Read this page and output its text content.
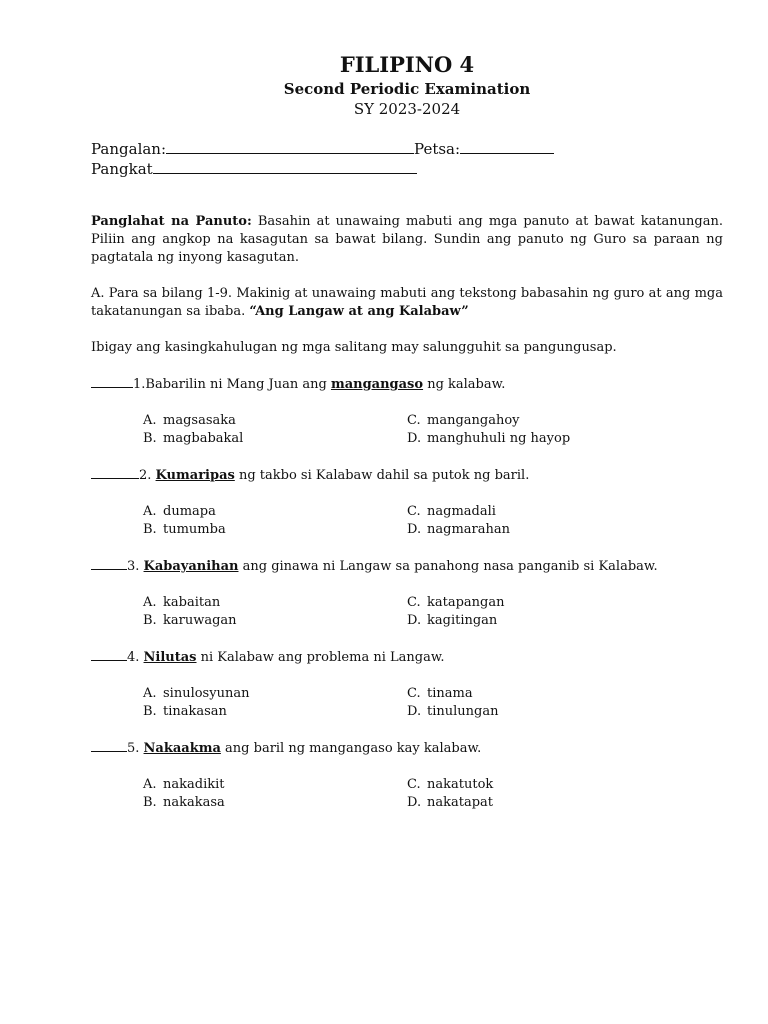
FILIPINO 4
Second Periodic Examination
SY 2023-2024
Pangalan:	Petsa:
Pangkat

Panglahat na Panuto: Basahin at unawaing mabuti ang mga panuto at bawat katanungan. Piliin ang angkop na kasagutan sa bawat bilang. Sundin ang panuto ng Guro sa paraan ng pagtatala ng inyong kasagutan.

A. Para sa bilang 1-9. Makinig at unawaing mabuti ang tekstong babasahin ng guro at ang mga takatanungan sa ibaba. “Ang Langaw at ang Kalabaw”

Ibigay ang kasingkahulugan ng mga salitang may salungguhit sa pangungusap.

1.Babarilin ni Mang Juan ang mangangaso ng kalabaw.

A. magsasaka	C. mangangahoy
B. magbabakal	D. manghuhuli ng hayop

2. Kumaripas ng takbo si Kalabaw dahil sa putok ng baril.

A. dumapa	C. nagmadali
B. tumumba	D. nagmarahan

3. Kabayanihan ang ginawa ni Langaw sa panahong nasa panganib si Kalabaw.

A. kabaitan	C. katapangan
B. karuwagan	D. kagitingan

4. Nilutas ni Kalabaw ang problema ni Langaw.

A. sinulosyunan	C. tinama
B. tinakasan	D. tinulungan

5. Nakaakma ang baril ng mangangaso kay kalabaw.

A. nakadikit	C. nakatutok
B. nakakasa	D. nakatapat
